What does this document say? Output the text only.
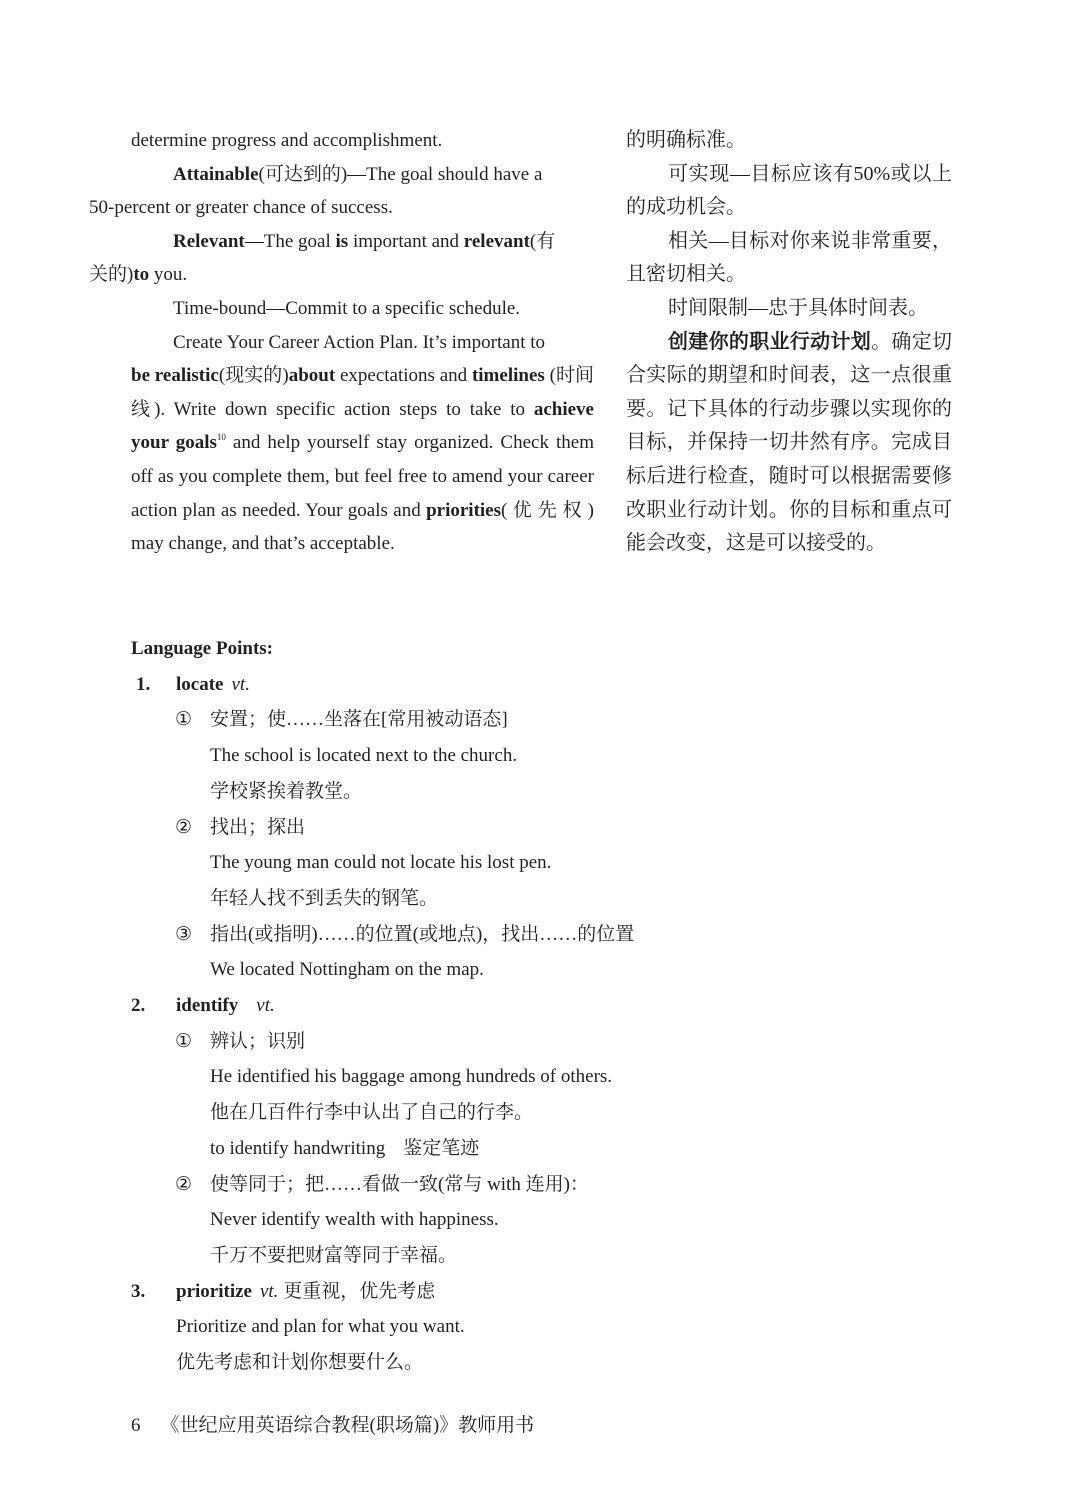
determine progress and accomplishment.

Attainable(可达到的)—The goal should have a
50-percent or greater chance of success.

Relevant—The goal is important and relevant(有
关的)to you.

Time-bound—Commit to a specific schedule.

Create Your Career Action Plan. It’s important to

be realistic(现实的)about expectations and timelines (时间线). Write down specific action steps to take to achieve your goals$^{10}$ and help yourself stay organized. Check them off as you complete them, but feel free to amend your career action plan as needed. Your goals and priorities( 优 先 权 ) may change, and that’s acceptable.

的明确标准。

可实现—目标应该有50%或以上的成功机会。

相关—目标对你来说非常重要，且密切相关。

时间限制—忠于具体时间表。

创建你的职业行动计划。确定切合实际的期望和时间表，这一点很重要。记下具体的行动步骤以实现你的目标，并保持一切井然有序。完成目标后进行检查，随时可以根据需要修改职业行动计划。你的目标和重点可能会改变，这是可以接受的。

Language Points:

1. locate vt.

① 安置；使……坐落在[常用被动语态]

The school is located next to the church.

学校紧挨着教堂。

② 找出；探出

The young man could not locate his lost pen.

年轻人找不到丢失的钢笔。

③ 指出(或指明)……的位置(或地点)，找出……的位置

We located Nottingham on the map.

2. identify vt.

① 辨认；识别

He identified his baggage among hundreds of others.

他在几百件行李中认出了自己的行李。

to identify handwriting 鉴定笔迹

② 使等同于；把……看做一致(常与 with 连用)：

Never identify wealth with happiness.

千万不要把财富等同于幸福。

3. prioritize vt. 更重视，优先考虑

Prioritize and plan for what you want.

优先考虑和计划你想要什么。

6 《世纪应用英语综合教程(职场篇)》教师用书
